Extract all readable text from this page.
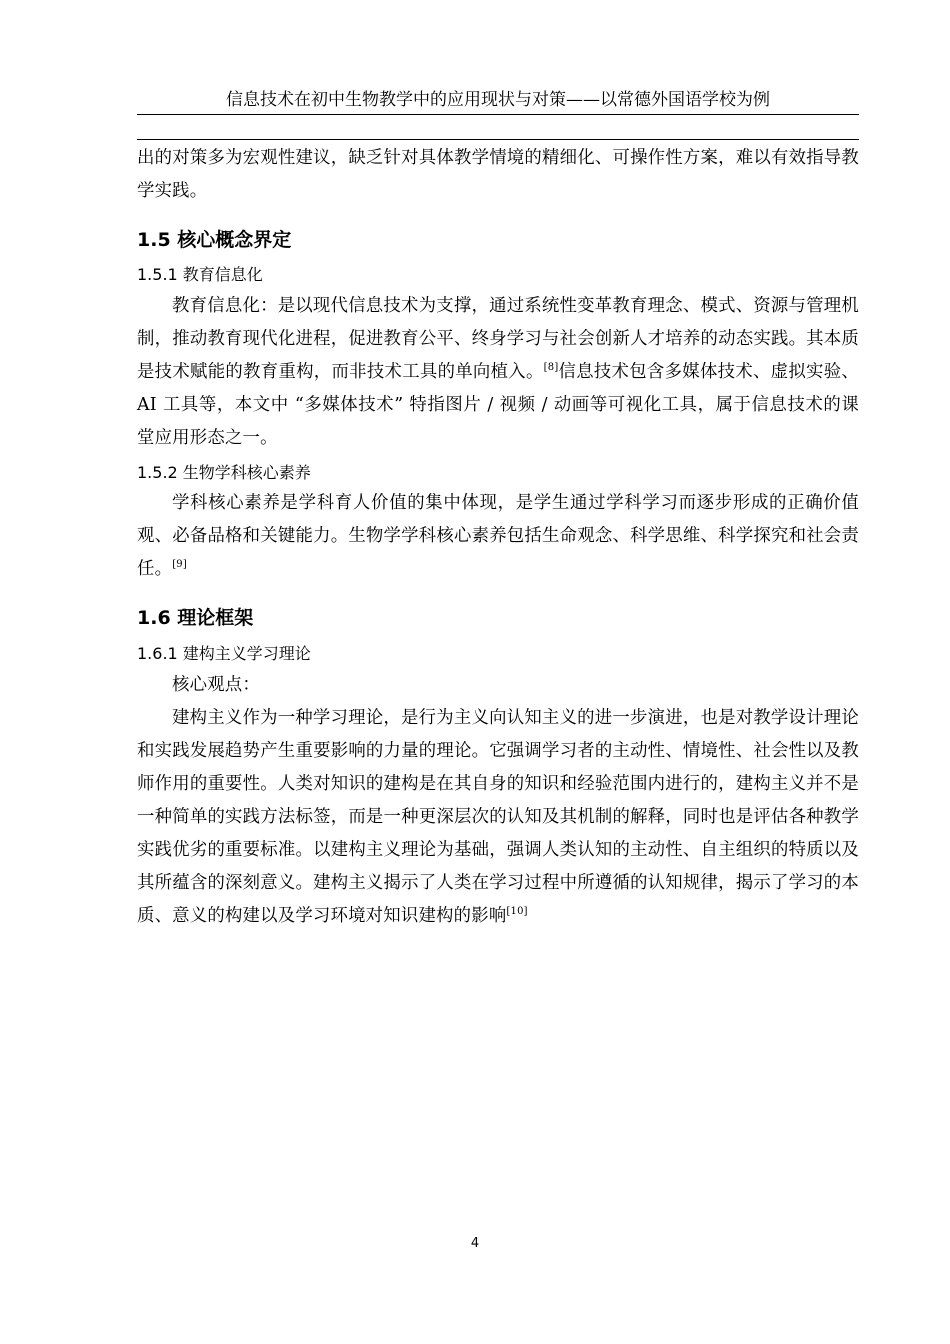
信息技术在初中生物教学中的应用现状与对策——以常德外国语学校为例

出的对策多为宏观性建议，缺乏针对具体教学情境的精细化、可操作性方案，难以有效指导教学实践。

1.5 核心概念界定
1.5.1 教育信息化

教育信息化：是以现代信息技术为支撑，通过系统性变革教育理念、模式、资源与管理机制，推动教育现代化进程，促进教育公平、终身学习与社会创新人才培养的动态实践。其本质是技术赋能的教育重构，而非技术工具的单向植入。[8]信息技术包含多媒体技术、虚拟实验、AI 工具等，本文中 “多媒体技术” 特指图片 / 视频 / 动画等可视化工具，属于信息技术的课堂应用形态之一。

1.5.2 生物学科核心素养

学科核心素养是学科育人价值的集中体现，是学生通过学科学习而逐步形成的正确价值观、必备品格和关键能力。生物学学科核心素养包括生命观念、科学思维、科学探究和社会责任。[9]

1.6 理论框架
1.6.1 建构主义学习理论

核心观点：

建构主义作为一种学习理论，是行为主义向认知主义的进一步演进，也是对教学设计理论和实践发展趋势产生重要影响的力量的理论。它强调学习者的主动性、情境性、社会性以及教师作用的重要性。人类对知识的建构是在其自身的知识和经验范围内进行的，建构主义并不是一种简单的实践方法标签，而是一种更深层次的认知及其机制的解释，同时也是评估各种教学实践优劣的重要标准。以建构主义理论为基础，强调人类认知的主动性、自主组织的特质以及其所蕴含的深刻意义。建构主义揭示了人类在学习过程中所遵循的认知规律，揭示了学习的本质、意义的构建以及学习环境对知识建构的影响[10]

4
